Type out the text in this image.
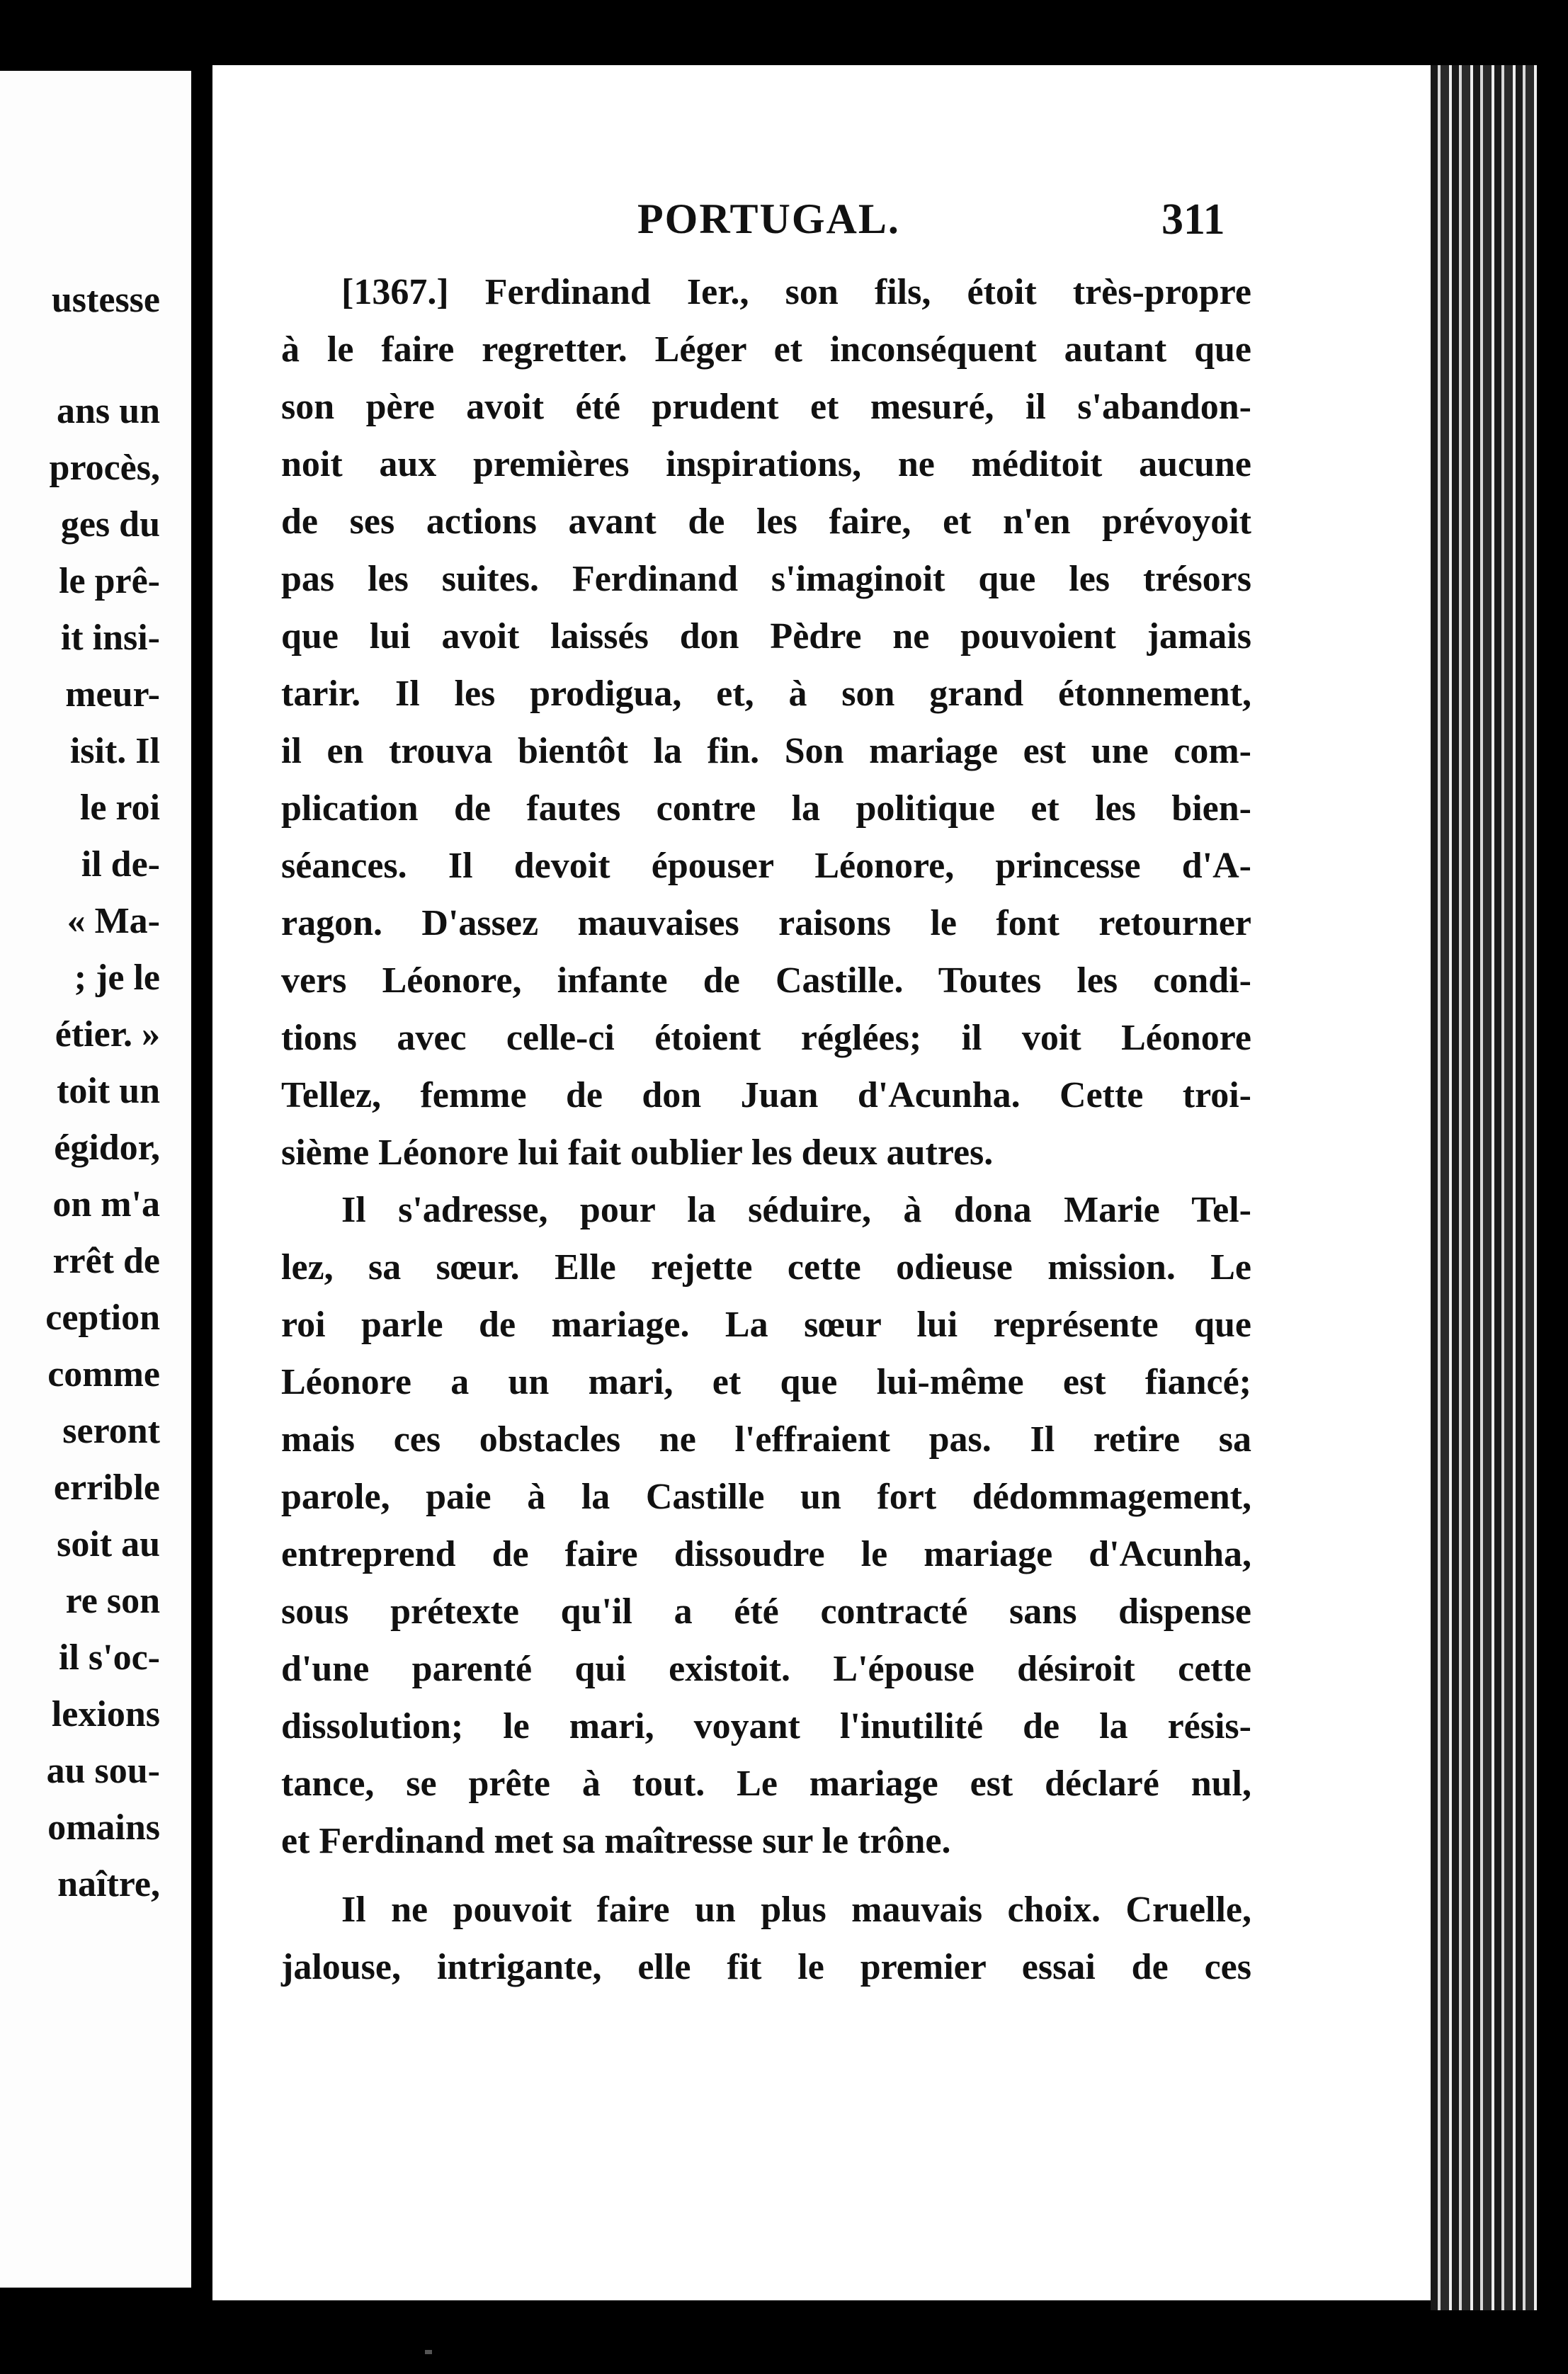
ustesse
ans un
procès,
ges du
le prê-
it insi-
meur-
isit. Il
le roi
il de-
« Ma-
; je le
étier. »
toit un
égidor,
on m'a
rrêt de
ception
comme
seront
errible
soit au
re son
il s'oc-
lexions
au sou-
omains
naître,
PORTUGAL.	311
[1367.] Ferdinand Ier., son fils, étoit très-propre
à le faire regretter. Léger et inconséquent autant que
son père avoit été prudent et mesuré, il s'abandon-
noit aux premières inspirations, ne méditoit aucune
de ses actions avant de les faire, et n'en prévoyoit
pas les suites. Ferdinand s'imaginoit que les trésors
que lui avoit laissés don Pèdre ne pouvoient jamais
tarir. Il les prodigua, et, à son grand étonnement,
il en trouva bientôt la fin. Son mariage est une com-
plication de fautes contre la politique et les bien-
séances. Il devoit épouser Léonore, princesse d'A-
ragon. D'assez mauvaises raisons le font retourner
vers Léonore, infante de Castille. Toutes les condi-
tions avec celle-ci étoient réglées; il voit Léonore
Tellez, femme de don Juan d'Acunha. Cette troi-
sième Léonore lui fait oublier les deux autres.
Il s'adresse, pour la séduire, à dona Marie Tel-
lez, sa sœur. Elle rejette cette odieuse mission. Le
roi parle de mariage. La sœur lui représente que
Léonore a un mari, et que lui-même est fiancé;
mais ces obstacles ne l'effraient pas. Il retire sa
parole, paie à la Castille un fort dédommagement,
entreprend de faire dissoudre le mariage d'Acunha,
sous prétexte qu'il a été contracté sans dispense
d'une parenté qui existoit. L'épouse désiroit cette
dissolution; le mari, voyant l'inutilité de la résis-
tance, se prête à tout. Le mariage est déclaré nul,
et Ferdinand met sa maîtresse sur le trône.
Il ne pouvoit faire un plus mauvais choix. Cruelle,
jalouse, intrigante, elle fit le premier essai de ces
